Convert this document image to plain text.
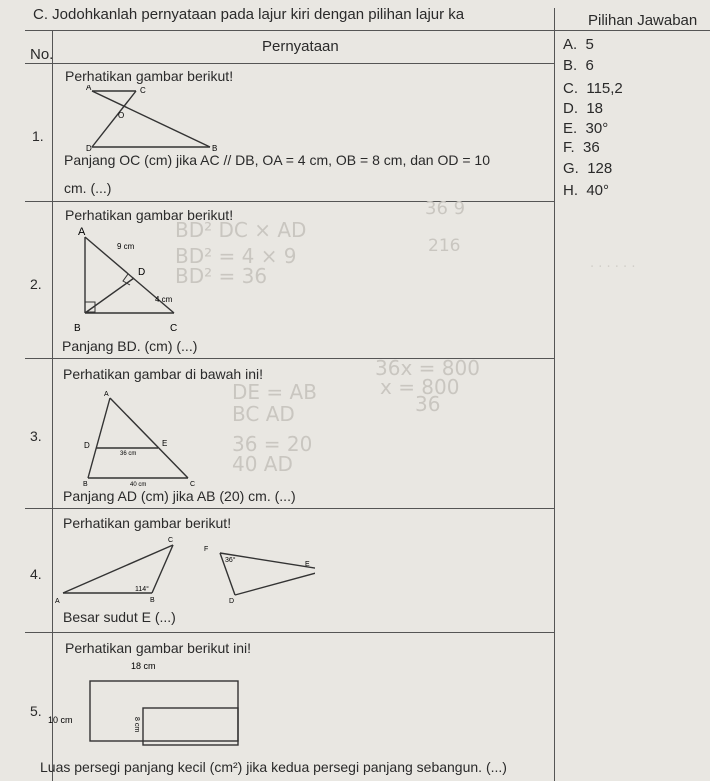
· · · · · ·
C. Jodohkanlah pernyataan pada lajur kiri dengan pilihan lajur ka
No.	Pernyataan
Pilihan Jawaban
A. 5
B. 6
C. 115,2
D. 18
E. 30°
F. 36
G. 128
H. 40°
1.
Perhatikan gambar berikut!
A	C
O
D	B
Panjang OC (cm) jika AC // DB, OA = 4 cm, OB = 8 cm, dan OD = 10
cm. (...)
36 9
2.
Perhatikan gambar berikut!
A
D
B	C
9 cm
4 cm
Panjang BD. (cm) (...)
BD² DC × AD
BD² = 4 × 9
BD² = 36
216
3.
Perhatikan gambar di bawah ini!
A
D	E
B	C
36 cm
40 cm
Panjang AD (cm) jika AB (20) cm. (...)
DE = AB
BC AD
36 = 20
40 AD
36x = 800
x = 800
36
4.
Perhatikan gambar berikut!
C
A	B
114°
F
36°
D
E
Besar sudut E (...)
5.
Perhatikan gambar berikut ini!
18 cm
10 cm	8 cm
Luas persegi panjang kecil (cm²) jika kedua persegi panjang sebangun. (...)
